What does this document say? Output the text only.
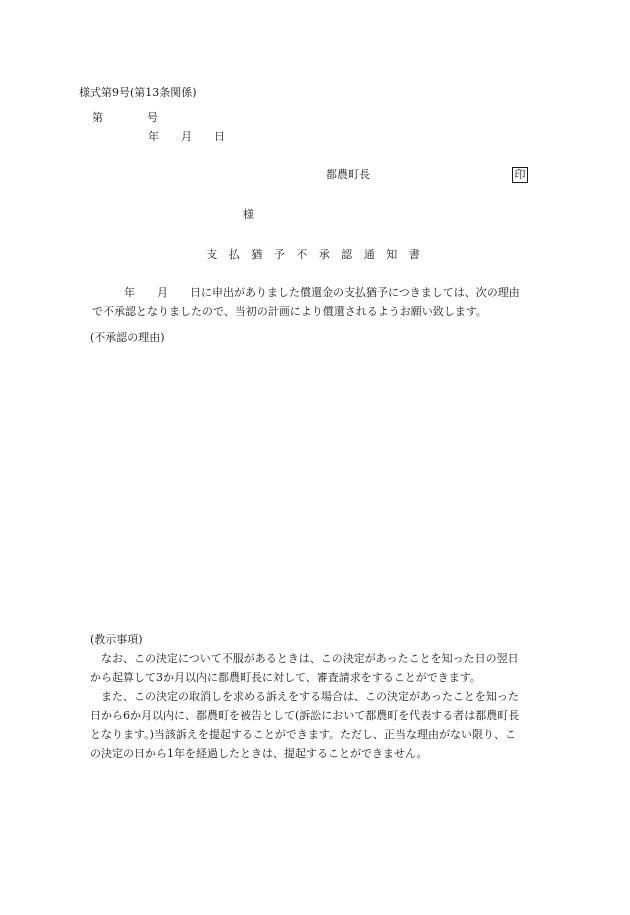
様式第9号(第13条関係)
第　　　　号
年　　月　　日
都農町長	印
様
支 払 猶 予 不 承 認 通 知 書
年　　月　　日に申出がありました償還金の支払猶予につきましては、次の理由
で不承認となりましたので、当初の計画により償還されるようお願い致します。
(不承認の理由)
(教示事項)
なお、この決定について不服があるときは、この決定があったことを知った日の翌日
から起算して3か月以内に都農町長に対して、審査請求をすることができます。
また、この決定の取消しを求める訴えをする場合は、この決定があったことを知った
日から6か月以内に、都農町を被告として(訴訟において都農町を代表する者は都農町長
となります。)当該訴えを提起することができます。ただし、正当な理由がない限り、こ
の決定の日から1年を経過したときは、提起することができません。
